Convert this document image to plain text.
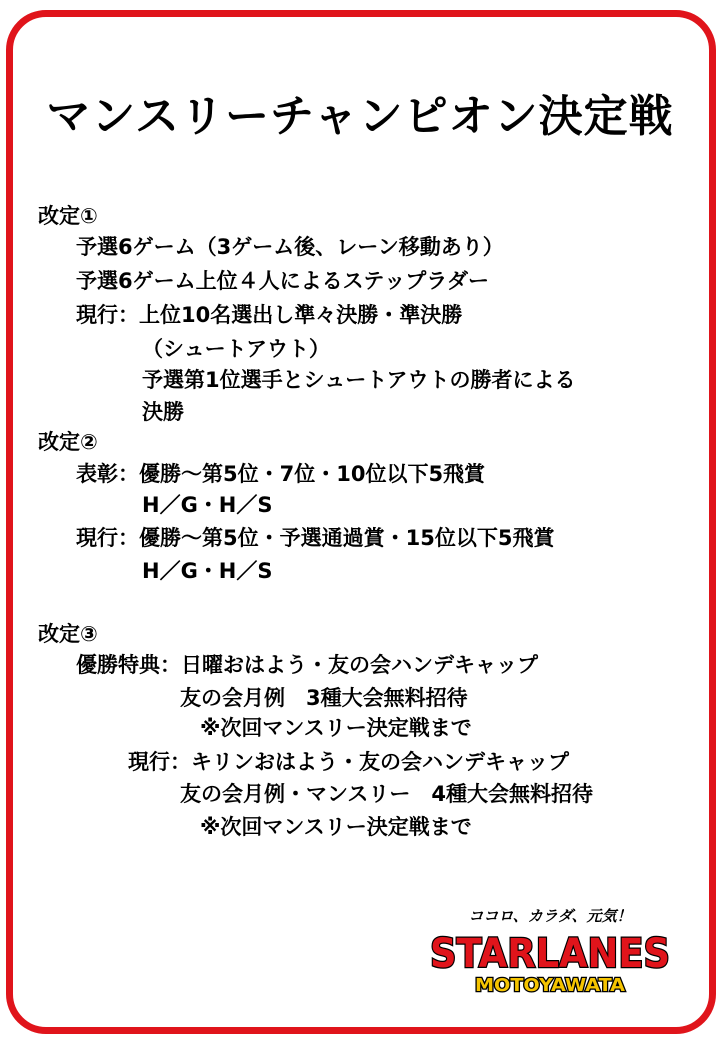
マンスリーチャンピオン決定戦
改定①
予選6ゲーム（3ゲーム後、レーン移動あり）
予選6ゲーム上位４人によるステップラダー
現行：上位10名選出し準々決勝・準決勝
（シュートアウト）
予選第1位選手とシュートアウトの勝者による
決勝
改定②
表彰：優勝～第5位・7位・10位以下5飛賞
H／G・H／S
現行：優勝～第5位・予選通過賞・15位以下5飛賞
H／G・H／S
改定③
優勝特典：日曜おはよう・友の会ハンデキャップ
友の会月例　3種大会無料招待
※次回マンスリー決定戦まで
現行：キリンおはよう・友の会ハンデキャップ
友の会月例・マンスリー　4種大会無料招待
※次回マンスリー決定戦まで
ココロ、カラダ、元気！
STARLANES
MOTOYAWATA
